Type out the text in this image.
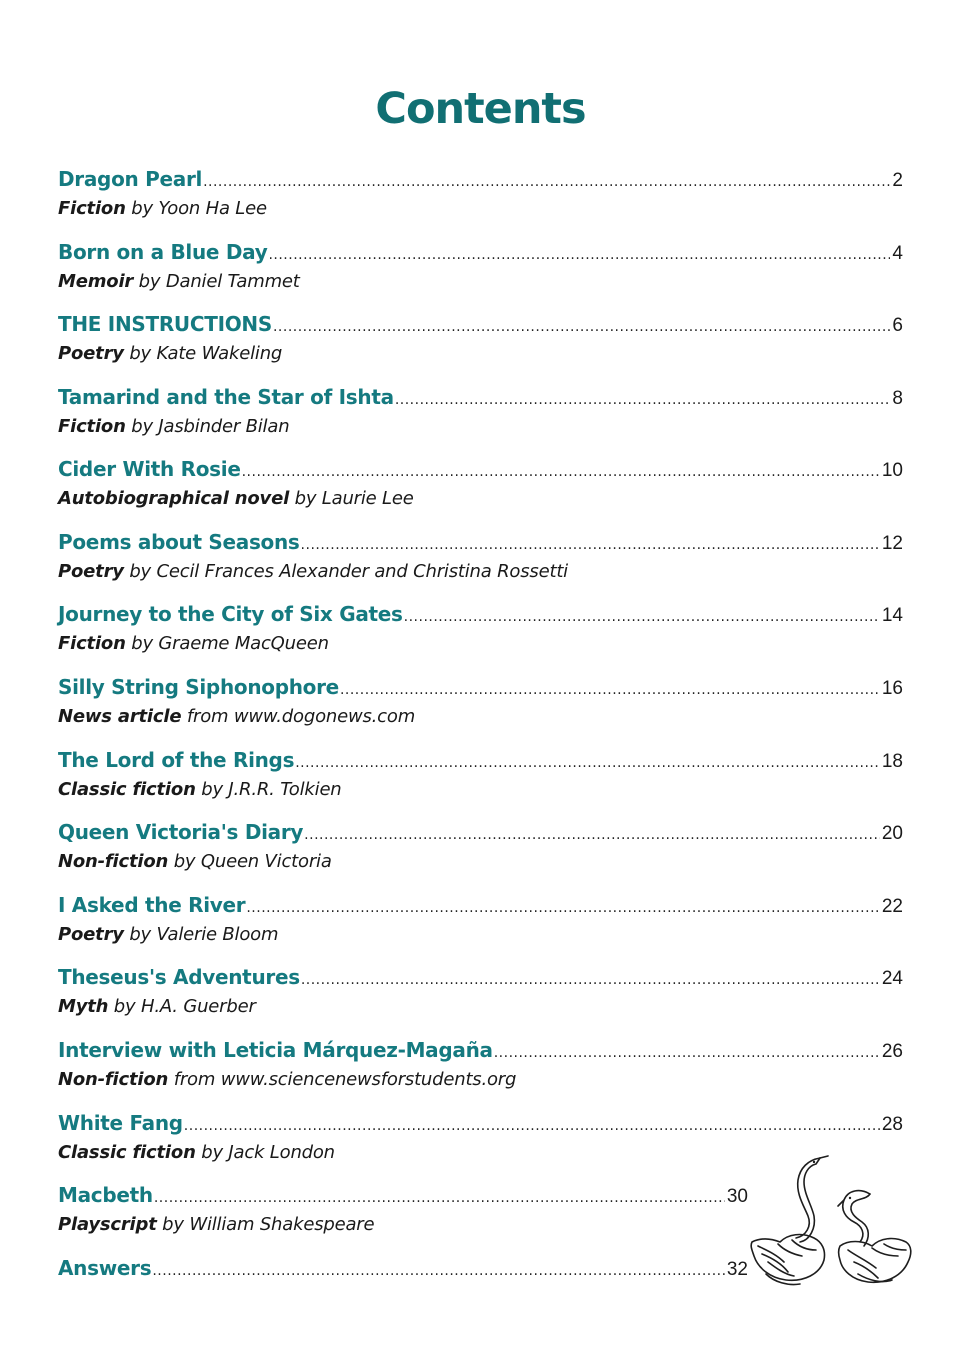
Contents
Dragon Pearl .....	2
Fiction by Yoon Ha Lee
Born on a Blue Day .....	4
Memoir by Daniel Tammet
THE INSTRUCTIONS .....	6
Poetry by Kate Wakeling
Tamarind and the Star of Ishta .....	8
Fiction by Jasbinder Bilan
Cider With Rosie .....	10
Autobiographical novel by Laurie Lee
Poems about Seasons .....	12
Poetry by Cecil Frances Alexander and Christina Rossetti
Journey to the City of Six Gates .....	14
Fiction by Graeme MacQueen
Silly String Siphonophore .....	16
News article from www.dogonews.com
The Lord of the Rings .....	18
Classic fiction by J.R.R. Tolkien
Queen Victoria's Diary .....	20
Non-fiction by Queen Victoria
I Asked the River .....	22
Poetry by Valerie Bloom
Theseus's Adventures .....	24
Myth by H.A. Guerber
Interview with Leticia Márquez-Magaña .....	26
Non-fiction from www.sciencenewsforstudents.org
White Fang .....	28
Classic fiction by Jack London
Macbeth .....	30
Playscript by William Shakespeare
Answers .....	32
